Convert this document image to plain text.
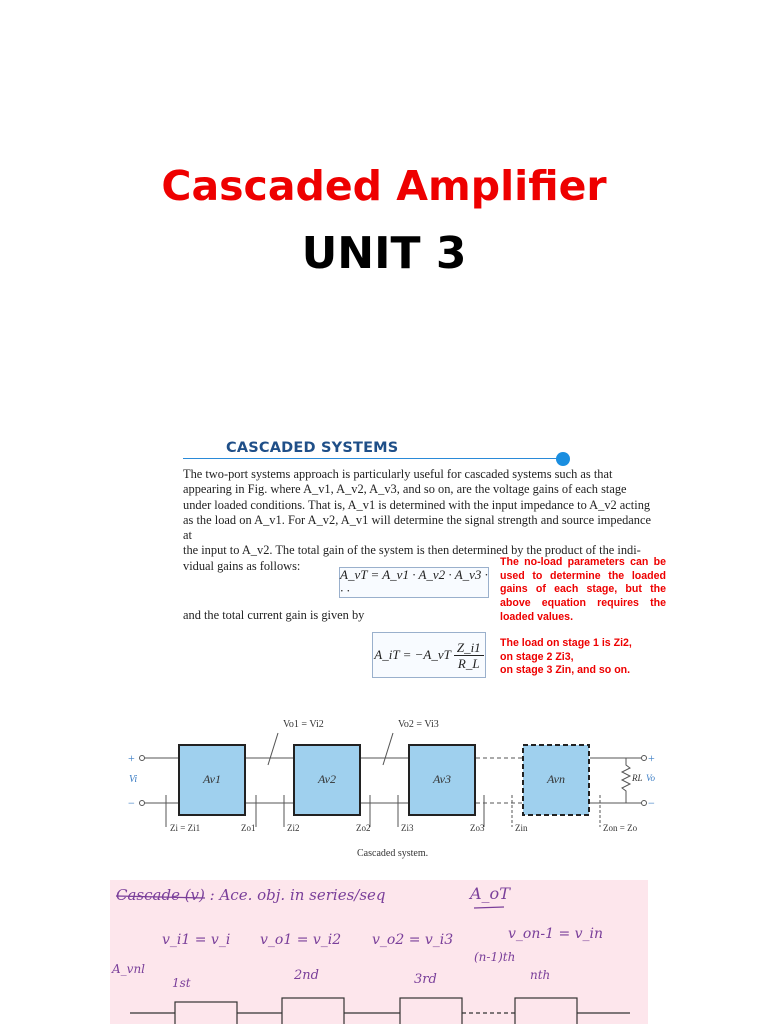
Cascaded Amplifier
UNIT 3
CASCADED SYSTEMS
The two-port systems approach is particularly useful for cascaded systems such as that
appearing in Fig. where A_v1, A_v2, A_v3, and so on, are the voltage gains of each stage
under loaded conditions. That is, A_v1 is determined with the input impedance to A_v2 acting
as the load on A_v1. For A_v2, A_v1 will determine the signal strength and source impedance at
the input to A_v2. The total gain of the system is then determined by the product of the indi-
vidual gains as follows:
A_vT = A_v1 · A_v2 · A_v3 · · ·
and the total current gain is given by
A_iT = −A_vT $\frac{Z\_i1}{R\_L}$
The no-load parameters can be used to determine the loaded gains of each stage, but the above equation requires the loaded values.
The load on stage 1 is Zi2,
on stage 2 Zi3,
on stage 3 Zin, and so on.
Av1	Av2	Av3	Avn
Vo1 = Vi2	Vo2 = Vi3
+
−
Vi
+
−
RL Vo
Zi = Zi1	Zo1	Zi2	Zo2	Zi3	Zo3	Zin	Zon = Zo
Cascaded system.
Cascade (v) : Ace. obj. in series/seq	A_oT
v_i1 = v_i v_o1 = v_i2 v_o2 = v_i3	v_on-1 = v_in
A_vnl
1st	2nd	3rd
(n-1)th
nth
